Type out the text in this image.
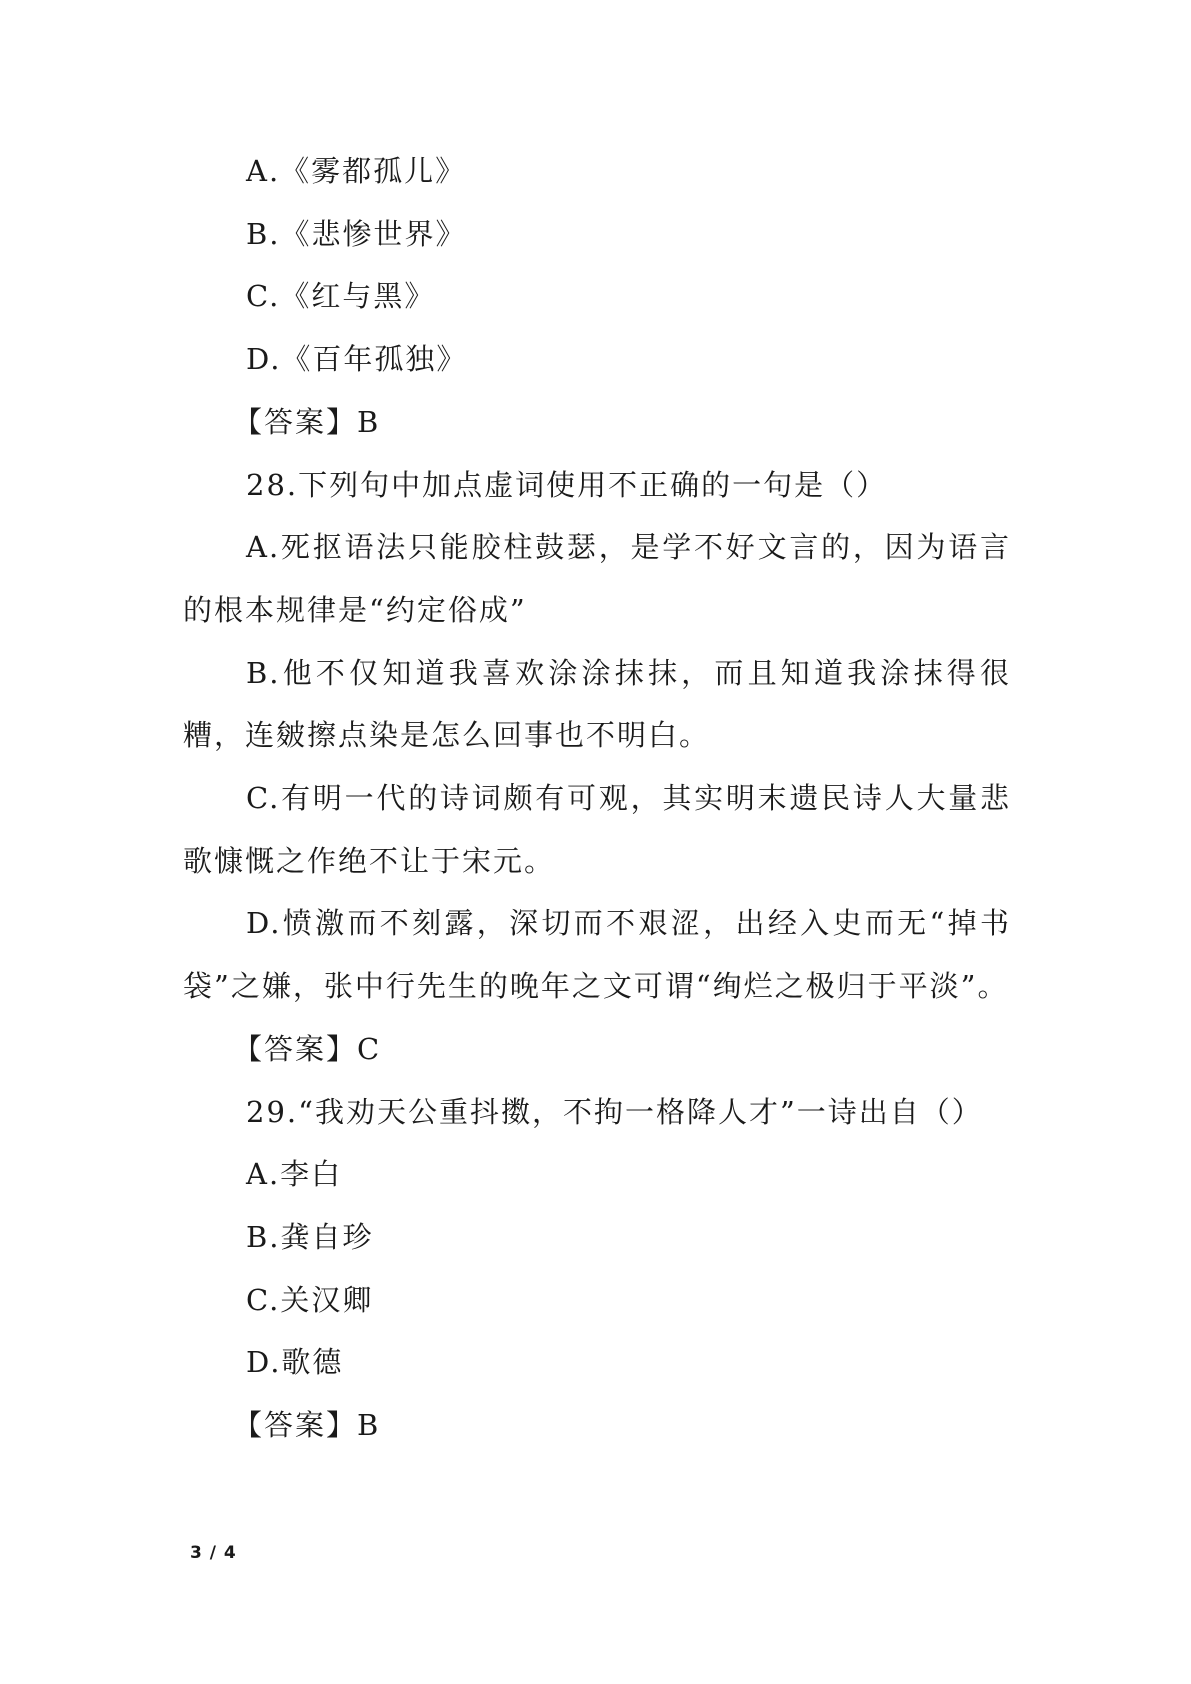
A.《雾都孤儿》
B.《悲惨世界》
C.《红与黑》
D.《百年孤独》
【答案】B
28.下列句中加点虚词使用不正确的一句是（）
A.死抠语法只能胶柱鼓瑟，是学不好文言的，因为语言的根本规律是“约定俗成”
B.他不仅知道我喜欢涂涂抹抹，而且知道我涂抹得很糟，连皴擦点染是怎么回事也不明白。
C.有明一代的诗词颇有可观，其实明末遗民诗人大量悲歌慷慨之作绝不让于宋元。
D.愤激而不刻露，深切而不艰涩，出经入史而无“掉书袋”之嫌，张中行先生的晚年之文可谓“绚烂之极归于平淡”。
【答案】C
29.“我劝天公重抖擞，不拘一格降人才”一诗出自（）
A.李白
B.龚自珍
C.关汉卿
D.歌德
【答案】B
3 / 4
